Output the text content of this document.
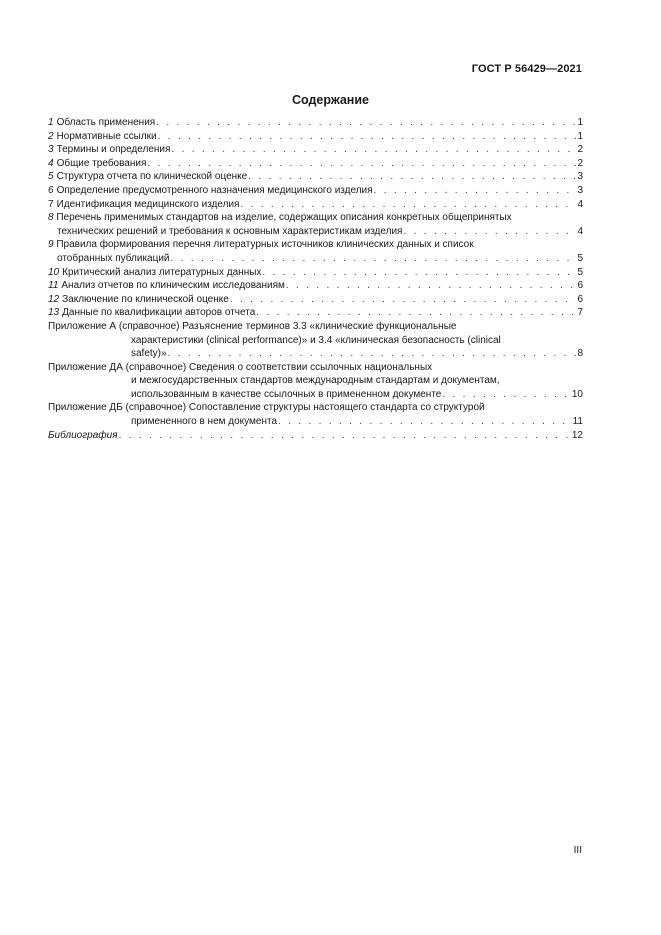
ГОСТ Р 56429—2021
Содержание
1 Область применения . . .	1
2 Нормативные ссылки . . .	1
3 Термины и определения . . .	2
4 Общие требования . . .	2
5 Структура отчета по клинической оценке . . .	3
6 Определение предусмотренного назначения медицинского изделия . . .	3
7 Идентификация медицинского изделия . . .	4
8 Перечень применимых стандартов на изделие, содержащих описания конкретных общепринятых
технических решений и требования к основным характеристикам изделия . . .	4
9 Правила формирования перечня литературных источников клинических данных и список
отобранных публикаций . . .	5
10 Критический анализ литературных данных . . .	5
11 Анализ отчетов по клиническим исследованиям . . .	6
12 Заключение по клинической оценке . . .	6
13 Данные по квалификации авторов отчета . . .	7
Приложение А (справочное) Разъяснение терминов 3.3 «клинические функциональные
характеристики (clinical performance)» и 3.4 «клиническая безопасность (clinical
safety)» . . .	8
Приложение ДА (справочное) Сведения о соответствии ссылочных национальных
и межгосударственных стандартов международным стандартам и документам,
использованным в качестве ссылочных в примененном документе . . .	10
Приложение ДБ (справочное) Сопоставление структуры настоящего стандарта со структурой
примененного в нем документа . . .	11
Библиография . . .	12
III
